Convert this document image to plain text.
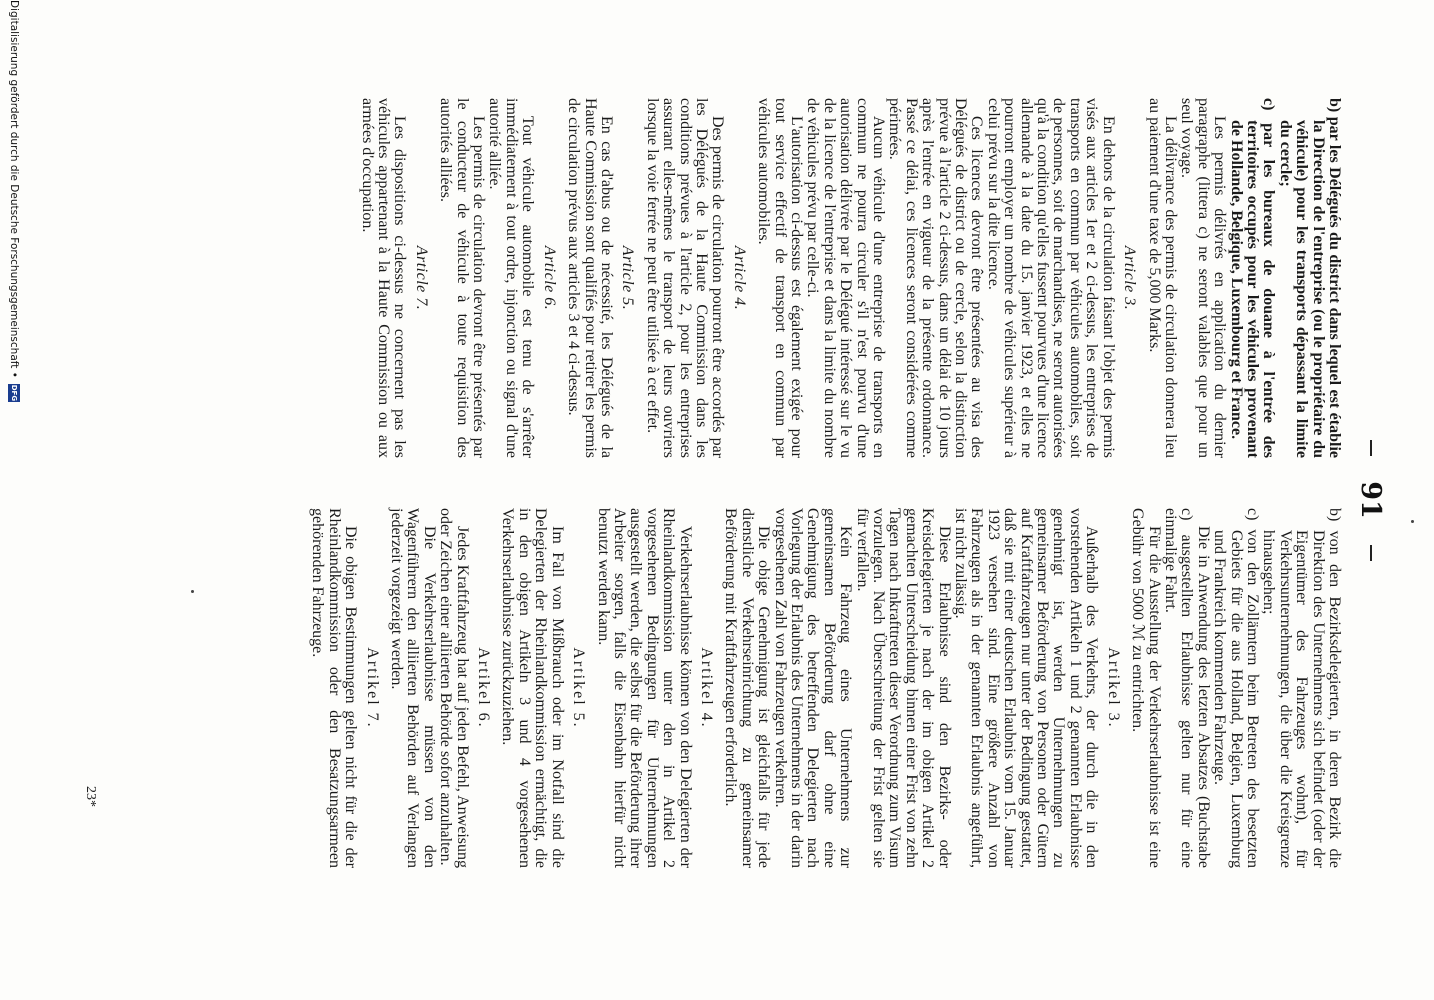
91

b) par les Délégués du district dans lequel est établie la Direction de l'entreprise (ou le propriétaire du véhicule) pour les transports dépassant la limite du cercle;

c) par les bureaux de douane à l'entrée des territoires occupés pour les véhicules provenant de Hollande, Belgique, Luxembourg et France.

Les permis délivrés en application du dernier paragraphe (littera c) ne seront valables que pour un seul voyage.

La délivrance des permis de circulation donnera lieu au paiement d'une taxe de 5,000 Marks.

Article 3.

En dehors de la circulation faisant l'objet des permis visés aux articles 1er et 2 ci-dessus, les entreprises de transports en commun par véhicules automobiles, soit de personnes, soit de marchandises, ne seront autorisées qu'à la condition qu'elles fussent pourvues d'une licence allemande à la date du 15. janvier 1923, et elles ne pourront employer un nombre de véhicules supérieur à celui prévu sur la dite licence.

Ces licences devront être présentées au visa des Délégués de district ou de cercle, selon la distinction prévue à l'article 2 ci-dessus, dans un délai de 10 jours après l'entrée en vigueur de la présente ordonnance. Passé ce délai, ces licences seront considérées comme périmées.

Aucun véhicule d'une entreprise de transports en commun ne pourra circuler s'il n'est pourvu d'une autorisation délivrée par le Délégué intéressé sur le vu de la licence de l'entreprise et dans la limite du nombre de véhicules prévu par celle-ci.

L'autorisation ci-dessus est également exigée pour tout service effectif de transport en commun par véhicules automobiles.

Article 4.

Des permis de circulation pourront être accordés par les Délégués de la Haute Commission dans les conditions prévues à l'article 2, pour les entreprises assurant elles-mêmes le transport de leurs ouvriers lorsque la voie ferrée ne peut être utilisée à cet effet.

Article 5.

En cas d'abus ou de nécessité, les Délégués de la Haute Commission sont qualifiés pour retirer les permis de circulation prévus aux articles 3 et 4 ci-dessus.

Article 6.

Tout véhicule automobile est tenu de s'arrêter immédiatement à tout ordre, injonction ou signal d'une autorité alliée.

Les permis de circulation devront être présentés par le conducteur de véhicule à toute requisition des autorités alliées.

Article 7.

Les dispositions ci-dessus ne concernent pas les véhicules appartenant à la Haute Commission ou aux armées d'occupation.

b) von den Bezirksdelegierten, in deren Bezirk die Direktion des Unternehmens sich befindet (oder der Eigentümer des Fahrzeuges wohnt), für Verkehrsunternehmungen, die über die Kreisgrenze hinausgehen;

c) von den Zollämtern beim Betreten des besetzten Gebiets für die aus Holland, Belgien, Luxemburg und Frankreich kommenden Fahrzeuge.

Die in Anwendung des letzten Absatzes (Buchstabe c) ausgestellten Erlaubnisse gelten nur für eine einmalige Fahrt.

Für die Ausstellung der Verkehrserlaubnisse ist eine Gebühr von 5000 ℳ zu entrichten.

Artikel 3.

Außerhalb des Verkehrs, der durch die in den vorstehenden Artikeln 1 und 2 genannten Erlaubnisse genehmigt ist, werden Unternehmungen zu gemeinsamer Beförderung von Personen oder Gütern auf Kraftfahrzeugen nur unter der Bedingung gestattet, daß sie mit einer deutschen Erlaubnis vom 15. Januar 1923 versehen sind. Eine größere Anzahl von Fahrzeugen als in der genannten Erlaubnis angeführt, ist nicht zulässig.

Diese Erlaubnisse sind den Bezirks- oder Kreisdelegierten je nach der im obigen Artikel 2 gemachten Unterscheidung binnen einer Frist von zehn Tagen nach Inkrafttreten dieser Verordnung zum Visum vorzulegen. Nach Überschreitung der Frist gelten sie für verfallen.

Kein Fahrzeug eines Unternehmens zur gemeinsamen Beförderung darf ohne eine Genehmigung des betreffenden Delegierten nach Vorlegung der Erlaubnis des Unternehmens in der darin vorgesehenen Zahl von Fahrzeugen verkehren.

Die obige Genehmigung ist gleichfalls für jede dienstliche Verkehrseinrichtung zu gemeinsamer Beförderung mit Kraftfahrzeugen erforderlich.

Artikel 4.

Verkehrserlaubnisse können von den Delegierten der Rheinlandkommission unter den in Artikel 2 vorgesehenen Bedingungen für Unternehmungen ausgestellt werden, die selbst für die Beförderung ihrer Arbeiter sorgen, falls die Eisenbahn hierfür nicht benutzt werden kann.

Artikel 5.

Im Fall von Mißbrauch oder im Notfall sind die Delegierten der Rheinlandkommission ermächtigt, die in den obigen Artikeln 3 und 4 vorgesehenen Verkehrserlaubnisse zurückzuziehen.

Artikel 6.

Jedes Kraftfahrzeug hat auf jeden Befehl, Anweisung oder Zeichen einer alliierten Behörde sofort anzuhalten.

Die Verkehrserlaubnisse müssen von den Wagenführern den alliierten Behörden auf Verlangen jederzeit vorgezeigt werden.

Artikel 7.

Die obigen Bestimmungen gelten nicht für die der Rheinlandkommission oder den Besatzungsarmeen gehörenden Fahrzeuge.

23*
Digitalisierung gefördert durch die Deutsche Forschungsgemeinschaft •
DFG
